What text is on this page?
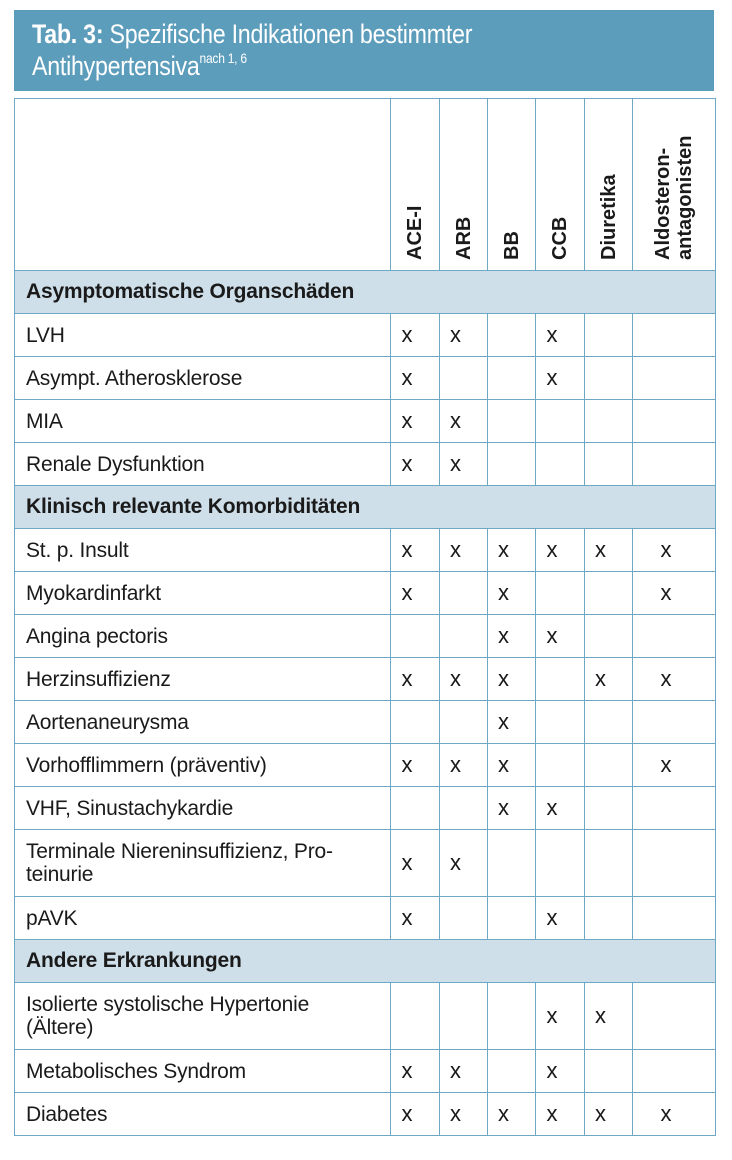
Tab. 3: Spezifische Indikationen bestimmter
Antihypertensiva$^{nach 1, 6}$

	ACE-I	ARB	BB	CCB	Diuretika	Aldosteron- antagonisten

Asymptomatische Organschäden						
LVH	x	x		x		
Asympt. Atherosklerose	x			x		
MIA	x	x				
Renale Dysfunktion	x	x				
Klinisch relevante Komorbiditäten						
St. p. Insult	x	x	x	x	x	x
Myokardinfarkt	x		x			x
Angina pectoris			x	x		
Herzinsuffizienz	x	x	x		x	x
Aortenaneurysma			x			
Vorhofflimmern (präventiv)	x	x	x			x
VHF, Sinustachykardie			x	x		
Terminale Niereninsuffizienz, Pro-
teinurie	x	x				
pAVK	x			x		
Andere Erkrankungen						
Isolierte systolische Hypertonie
(Ältere)				x	x	
Metabolisches Syndrom	x	x		x		
Diabetes	x	x	x	x	x	x
